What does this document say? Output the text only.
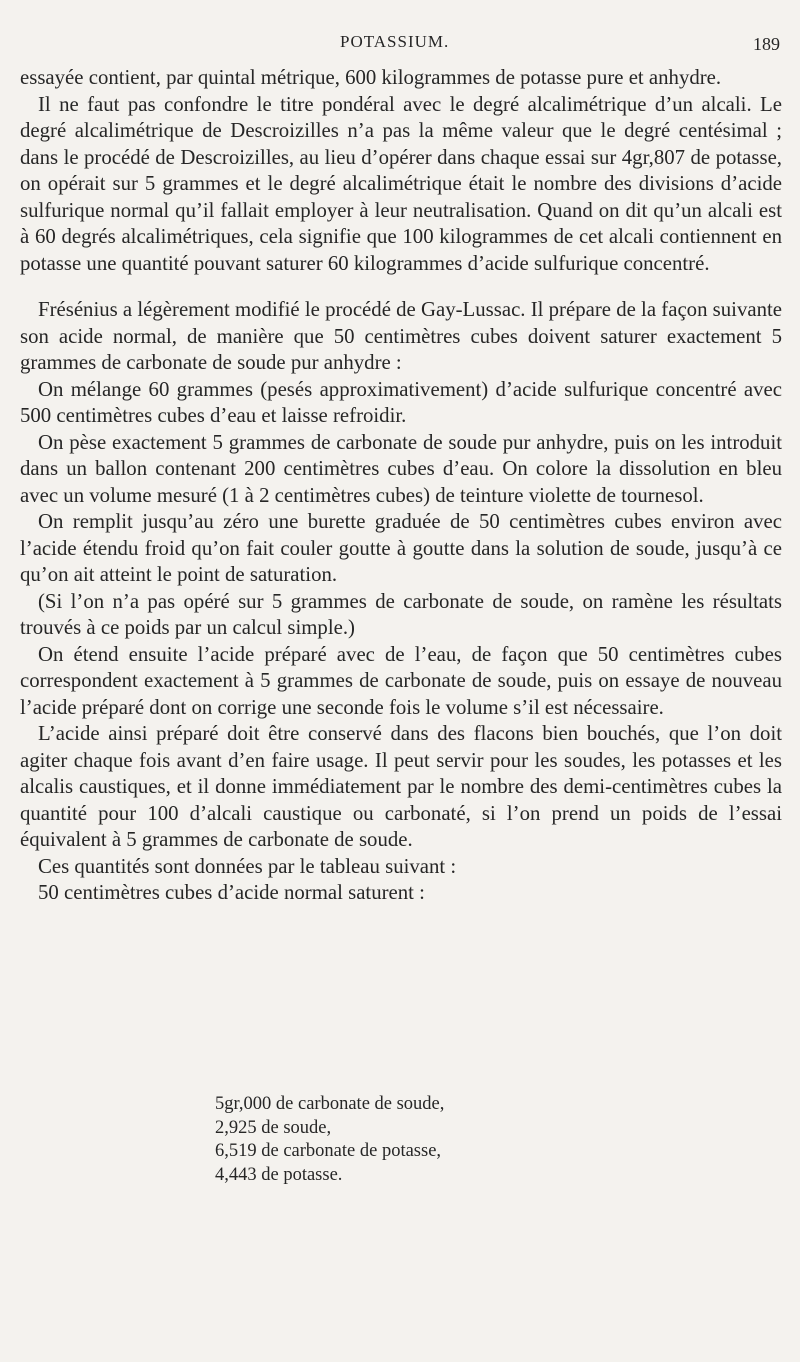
POTASSIUM.	189

essayée contient, par quintal métrique, 600 kilogrammes de potasse pure et anhydre.

Il ne faut pas confondre le titre pondéral avec le degré alcalimétrique d’un alcali. Le degré alcalimétrique de Descroizilles n’a pas la même valeur que le degré centésimal ; dans le procédé de Descroizilles, au lieu d’opérer dans chaque essai sur 4gr,807 de potasse, on opérait sur 5 grammes et le degré alcalimétrique était le nombre des divisions d’acide sulfurique normal qu’il fallait employer à leur neutralisation. Quand on dit qu’un alcali est à 60 degrés alcalimétriques, cela signifie que 100 kilogrammes de cet alcali contiennent en potasse une quantité pouvant saturer 60 kilogrammes d’acide sulfurique concentré.

Frésénius a légèrement modifié le procédé de Gay-Lussac. Il prépare de la façon suivante son acide normal, de manière que 50 centimètres cubes doivent saturer exactement 5 grammes de carbonate de soude pur anhydre :

On mélange 60 grammes (pesés approximativement) d’acide sulfurique concentré avec 500 centimètres cubes d’eau et laisse refroidir.

On pèse exactement 5 grammes de carbonate de soude pur anhydre, puis on les introduit dans un ballon contenant 200 centimètres cubes d’eau. On colore la dissolution en bleu avec un volume mesuré (1 à 2 centimètres cubes) de teinture violette de tournesol.

On remplit jusqu’au zéro une burette graduée de 50 centimètres cubes environ avec l’acide étendu froid qu’on fait couler goutte à goutte dans la solution de soude, jusqu’à ce qu’on ait atteint le point de saturation.

(Si l’on n’a pas opéré sur 5 grammes de carbonate de soude, on ramène les résultats trouvés à ce poids par un calcul simple.)

On étend ensuite l’acide préparé avec de l’eau, de façon que 50 centimètres cubes correspondent exactement à 5 grammes de carbonate de soude, puis on essaye de nouveau l’acide préparé dont on corrige une seconde fois le volume s’il est nécessaire.

L’acide ainsi préparé doit être conservé dans des flacons bien bouchés, que l’on doit agiter chaque fois avant d’en faire usage. Il peut servir pour les soudes, les potasses et les alcalis caustiques, et il donne immédiatement par le nombre des demi-centimètres cubes la quantité pour 100 d’alcali caustique ou carbonaté, si l’on prend un poids de l’essai équivalent à 5 grammes de carbonate de soude.

Ces quantités sont données par le tableau suivant :

50 centimètres cubes d’acide normal saturent :

5gr,000 de carbonate de soude,
2,925 de soude,
6,519 de carbonate de potasse,
4,443 de potasse.
